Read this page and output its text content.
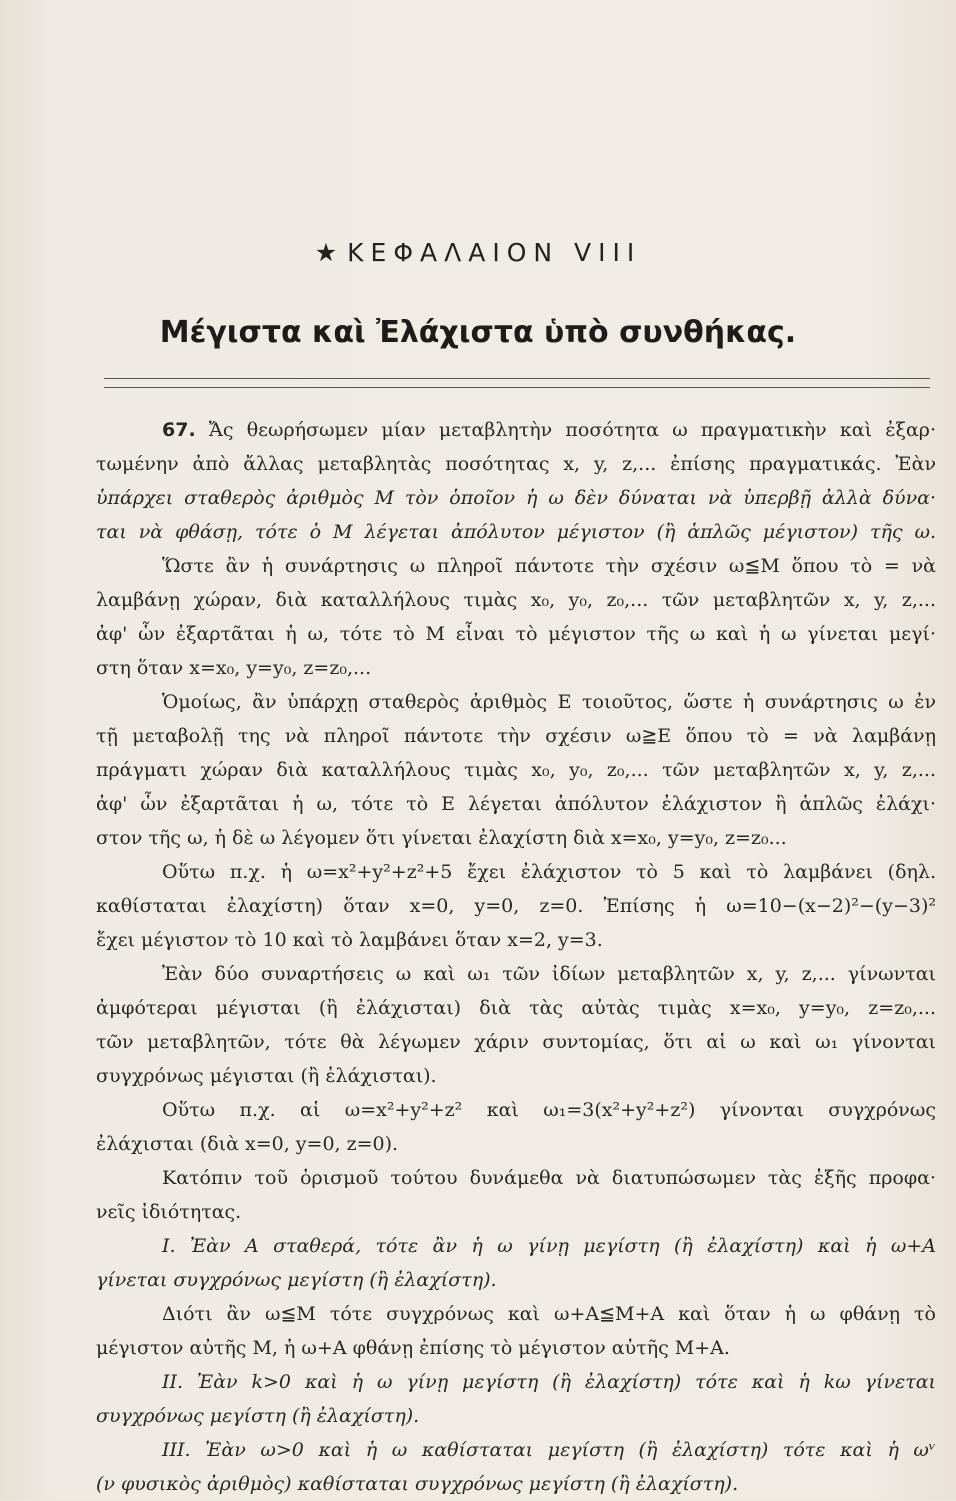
★ ΚΕΦΑΛΑΙΟΝ VIII
Μέγιστα καὶ Ἐλάχιστα ὑπὸ συνθήκας.
67. Ἄς θεωρήσωμεν μίαν μεταβλητὴν ποσότητα ω πραγματικὴν καὶ ἐξαρ·
τωμένην ἀπὸ ἄλλας μεταβλητὰς ποσότητας x, y, z,... ἐπίσης πραγματικάς. Ἐὰν
ὑπάρχει σταθερὸς ἀριθμὸς Μ τὸν ὁποῖον ἡ ω δὲν δύναται νὰ ὑπερβῇ ἀλλὰ δύνα·
ται νὰ φθάσῃ, τότε ὁ Μ λέγεται ἀπόλυτον μέγιστον (ἢ ἁπλῶς μέγιστον) τῆς ω.
Ὥστε ἂν ἡ συνάρτησις ω πληροῖ πάντοτε τὴν σχέσιν ω≦Μ ὅπου τὸ = νὰ
λαμβάνῃ χώραν, διὰ καταλλήλους τιμὰς x₀, y₀, z₀,... τῶν μεταβλητῶν x, y, z,...
ἀφ' ὧν ἐξαρτᾶται ἡ ω, τότε τὸ Μ εἶναι τὸ μέγιστον τῆς ω καὶ ἡ ω γίνεται μεγί·
στη ὅταν x=x₀, y=y₀, z=z₀,...
Ὁμοίως, ἂν ὑπάρχῃ σταθερὸς ἀριθμὸς Ε τοιοῦτος, ὥστε ἡ συνάρτησις ω ἐν
τῇ μεταβολῇ της νὰ πληροῖ πάντοτε τὴν σχέσιν ω≧Ε ὅπου τὸ = νὰ λαμβάνῃ
πράγματι χώραν διὰ καταλλήλους τιμὰς x₀, y₀, z₀,... τῶν μεταβλητῶν x, y, z,...
ἀφ' ὧν ἐξαρτᾶται ἡ ω, τότε τὸ Ε λέγεται ἀπόλυτον ἐλάχιστον ἢ ἁπλῶς ἐλάχι·
στον τῆς ω, ἡ δὲ ω λέγομεν ὅτι γίνεται ἐλαχίστη διὰ x=x₀, y=y₀, z=z₀...
Οὕτω π.χ. ἡ ω=x²+y²+z²+5 ἔχει ἐλάχιστον τὸ 5 καὶ τὸ λαμβάνει (δηλ.
καθίσταται ἐλαχίστη) ὅταν x=0, y=0, z=0. Ἐπίσης ἡ ω=10−(x−2)²−(y−3)²
ἔχει μέγιστον τὸ 10 καὶ τὸ λαμβάνει ὅταν x=2, y=3.
Ἐὰν δύο συναρτήσεις ω καὶ ω₁ τῶν ἰδίων μεταβλητῶν x, y, z,... γίνωνται
ἀμφότεραι μέγισται (ἢ ἐλάχισται) διὰ τὰς αὐτὰς τιμὰς x=x₀, y=y₀, z=z₀,...
τῶν μεταβλητῶν, τότε θὰ λέγωμεν χάριν συντομίας, ὅτι αἱ ω καὶ ω₁ γίνονται
συγχρόνως μέγισται (ἢ ἐλάχισται).
Οὕτω π.χ. αἱ ω=x²+y²+z² καὶ ω₁=3(x²+y²+z²) γίνονται συγχρόνως
ἐλάχισται (διὰ x=0, y=0, z=0).
Κατόπιν τοῦ ὁρισμοῦ τούτου δυνάμεθα νὰ διατυπώσωμεν τὰς ἑξῆς προφα·
νεῖς ἰδιότητας.
I. Ἐὰν Α σταθερά, τότε ἂν ἡ ω γίνῃ μεγίστη (ἢ ἐλαχίστη) καὶ ἡ ω+Α
γίνεται συγχρόνως μεγίστη (ἢ ἐλαχίστη).
Διότι ἂν ω≦Μ τότε συγχρόνως καὶ ω+Α≦Μ+Α καὶ ὅταν ἡ ω φθάνῃ τὸ
μέγιστον αὐτῆς Μ, ἡ ω+Α φθάνῃ ἐπίσης τὸ μέγιστον αὐτῆς Μ+Α.
II. Ἐὰν k>0 καὶ ἡ ω γίνῃ μεγίστη (ἢ ἐλαχίστη) τότε καὶ ἡ kω γίνεται
συγχρόνως μεγίστη (ἢ ἐλαχίστη).
III. Ἐὰν ω>0 καὶ ἡ ω καθίσταται μεγίστη (ἢ ἐλαχίστη) τότε καὶ ἡ ωᵛ
(ν φυσικὸς ἀριθμὸς) καθίσταται συγχρόνως μεγίστη (ἢ ἐλαχίστη).
